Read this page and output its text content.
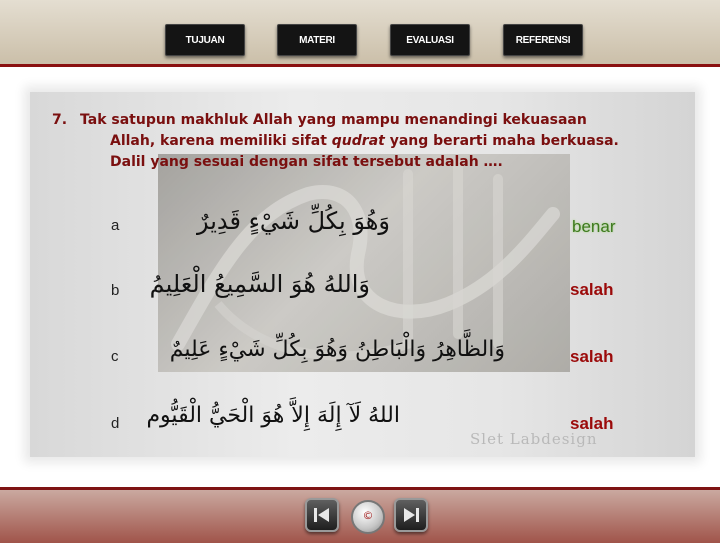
TUJUAN	MATERI	EVALUASI	REFERENSI
Slet Labdesign
7. Tak satupun makhluk Allah yang mampu menandingi kekuasaan
Allah, karena memiliki sifat qudrat yang berarti maha berkuasa.
Dalil yang sesuai dengan sifat tersebut adalah ….
a	وَهُوَ بِكُلِّ شَيْءٍ قَدِيرٌ	benar
b وَاللهُ هُوَ السَّمِيعُ الْعَلِيمُ	salah
c وَالظَّاهِرُ وَالْبَاطِنُ وَهُوَ بِكُلِّ شَيْءٍ عَلِيمٌ	salah
d اللهُ لَآ إِلَهَ إِلاَّ هُوَ الْحَيُّ الْقَيُّوم	salah
©
